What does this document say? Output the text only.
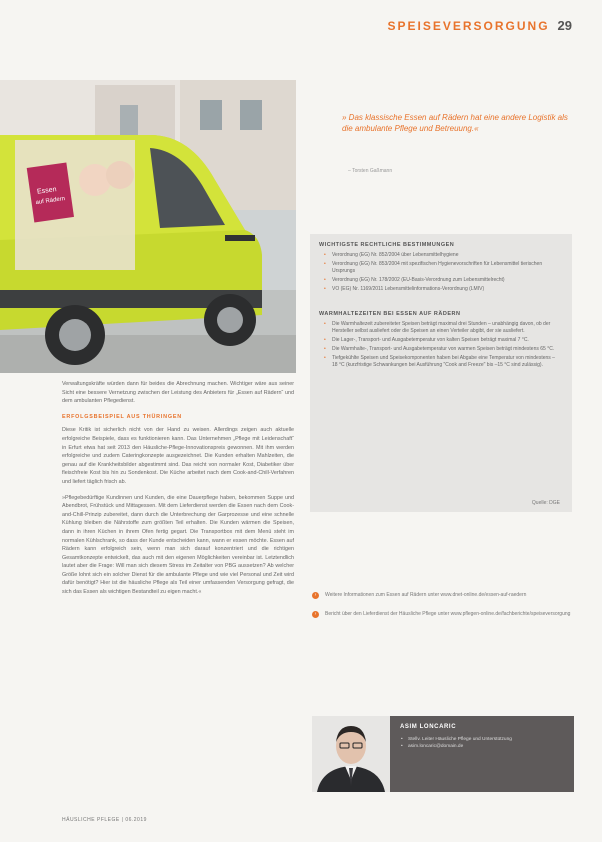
SPEISEVERSORGUNG 29
Essen
auf Rädern
» Das klassische Essen auf Rädern hat eine andere Logistik als die ambulante Pflege und Betreuung.«
– Torsten Gaßmann
WICHTIGSTE RECHTLICHE BESTIMMUNGEN
• Verordnung (EG) Nr. 852/2004 über Lebensmittelhygiene
• Verordnung (EG) Nr. 853/2004 mit spezifischen Hygienevorschriften für Lebensmittel tierischen Ursprungs
• Verordnung (EG) Nr. 178/2002 (EU-Basis-Verordnung zum Lebensmittelrecht)
• VO (EG) Nr. 1169/2011 Lebensmittelinformations-Verordnung (LMIV)
WARMHALTEZEITEN BEI ESSEN AUF RÄDERN
• Die Warmhaltezeit zubereiteter Speisen beträgt maximal drei Stunden – unabhängig davon, ob der Hersteller selbst ausliefert oder die Speisen an einen Verteiler abgibt, der sie ausliefert.
• Die Lager-, Transport- und Ausgabetemperatur von kalten Speisen beträgt maximal 7 °C.
• Die Warmhalte-, Transport- und Ausgabetemperatur von warmen Speisen beträgt mindestens 65 °C.
• Tiefgekühlte Speisen und Speisekomponenten haben bei Abgabe eine Temperatur von mindestens –18 °C (kurzfristige Schwankungen bei Ausführung "Cook and Freeze" bis –15 °C sind zulässig).
Quelle: DGE
›	Weitere Informationen zum Essen auf Rädern unter www.dnet-online.de/essen-auf-raedern
›	Bericht über den Lieferdienst der Häusliche Pflege unter www.pflegen-online.de/fachberichte/speiseversorgung
ASIM LONCARIC
• Stellv. Leiter Häusliche Pflege und Unterstützung
• asim.loncaric@domain.de

Verwaltungskräfte würden dann für beides die Abrechnung machen. Wichtiger wäre aus seiner Sicht eine bessere Vernetzung zwischen der Leistung des Anbieters für „Essen auf Rädern“ und dem ambulanten Pflegedienst.

ERFOLGSBEISPIEL AUS THÜRINGEN

Diese Kritik ist sicherlich nicht von der Hand zu weisen. Allerdings zeigen auch aktuelle erfolgreiche Beispiele, dass es funktionieren kann. Das Unternehmen „Pflege mit Leidenschaft“ in Erfurt etwa hat seit 2013 den Häusliche-Pflege-Innovationspreis gewonnen. Mit ihm werden erfolgreiche und zudem Cateringkonzepte ausgezeichnet. Die Kunden erhalten Mahlzeiten, die genau auf die Krankheitsbilder abgestimmt sind. Das reicht von normaler Kost, Diabetiker über fleischfreie Kost bis hin zu Sondenkost. Die Küche arbeitet nach dem Cook-and-Chill-Verfahren und liefert täglich frisch ab.

»Pflegebedürftige Kundinnen und Kunden, die eine Dauerpflege haben, bekommen Suppe und Abendbrot, Frühstück und Mittagessen. Mit dem Lieferdienst werden die Essen nach dem Cook-and-Chill-Prinzip zubereitet, dann durch die Unterbrechung der Garprozesse und eine schnelle Kühlung bleiben die Nährstoffe zum größten Teil erhalten. Die Kunden wärmen die Speisen, dann in ihren Küchen in ihrem Ofen fertig gegart. Die Transportbox mit dem Menü steht im normalen Kühlschrank, so dass der Kunde entscheiden kann, wann er essen möchte. Essen auf Rädern kann erfolgreich sein, wenn man sich darauf konzentriert und die richtigen Gesamtkonzepte entwickelt, das auch mit den eigenen Möglichkeiten vereinbar ist. Letztendlich lautet aber die Frage: Will man sich diesem Stress im Zeitalter von PBG aussetzen? Ab welcher Größe lohnt sich ein solcher Dienst für die ambulante Pflege und wie viel Personal und Zeit wird dafür benötigt? Hier ist die häusliche Pflege als Teil einer umfassenden Versorgung gefragt, die sich das Essen als wichtigen Bestandteil zu eigen macht.«

HÄUSLICHE PFLEGE | 06.2019
